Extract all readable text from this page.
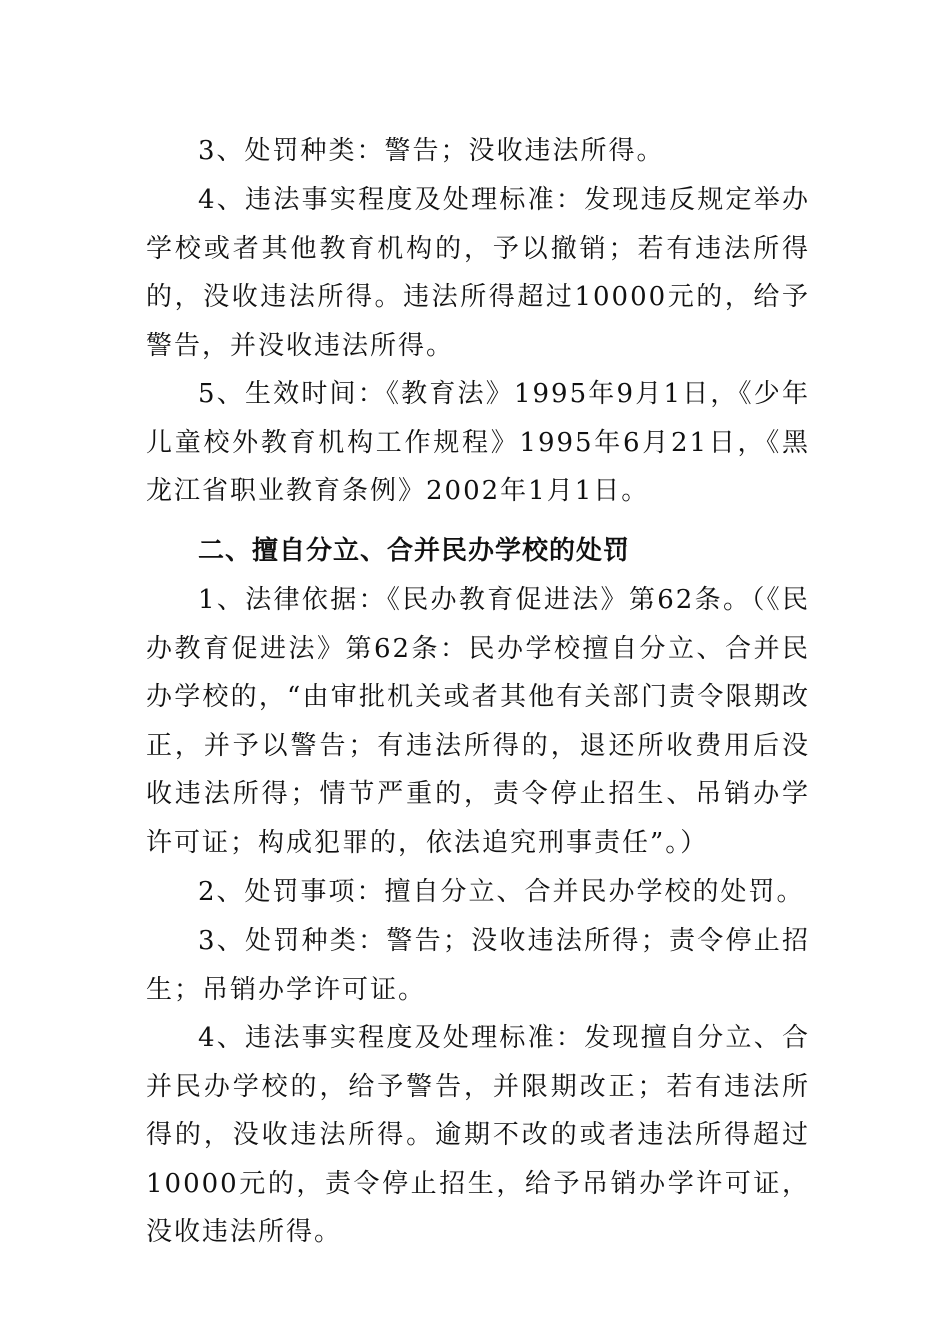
3、处罚种类：警告；没收违法所得。

4、违法事实程度及处理标准：发现违反规定举办学校或者其他教育机构的，予以撤销；若有违法所得的，没收违法所得。违法所得超过10000元的，给予警告，并没收违法所得。

5、生效时间：《教育法》1995年9月1日，《少年儿童校外教育机构工作规程》1995年6月21日，《黑龙江省职业教育条例》2002年1月1日。

二、擅自分立、合并民办学校的处罚

1、法律依据：《民办教育促进法》第62条。（《民办教育促进法》第62条：民办学校擅自分立、合并民办学校的，“由审批机关或者其他有关部门责令限期改正，并予以警告；有违法所得的，退还所收费用后没收违法所得；情节严重的，责令停止招生、吊销办学许可证；构成犯罪的，依法追究刑事责任”。）

2、处罚事项：擅自分立、合并民办学校的处罚。

3、处罚种类：警告；没收违法所得；责令停止招生；吊销办学许可证。

4、违法事实程度及处理标准：发现擅自分立、合并民办学校的，给予警告，并限期改正；若有违法所得的，没收违法所得。逾期不改的或者违法所得超过10000元的，责令停止招生，给予吊销办学许可证，没收违法所得。
